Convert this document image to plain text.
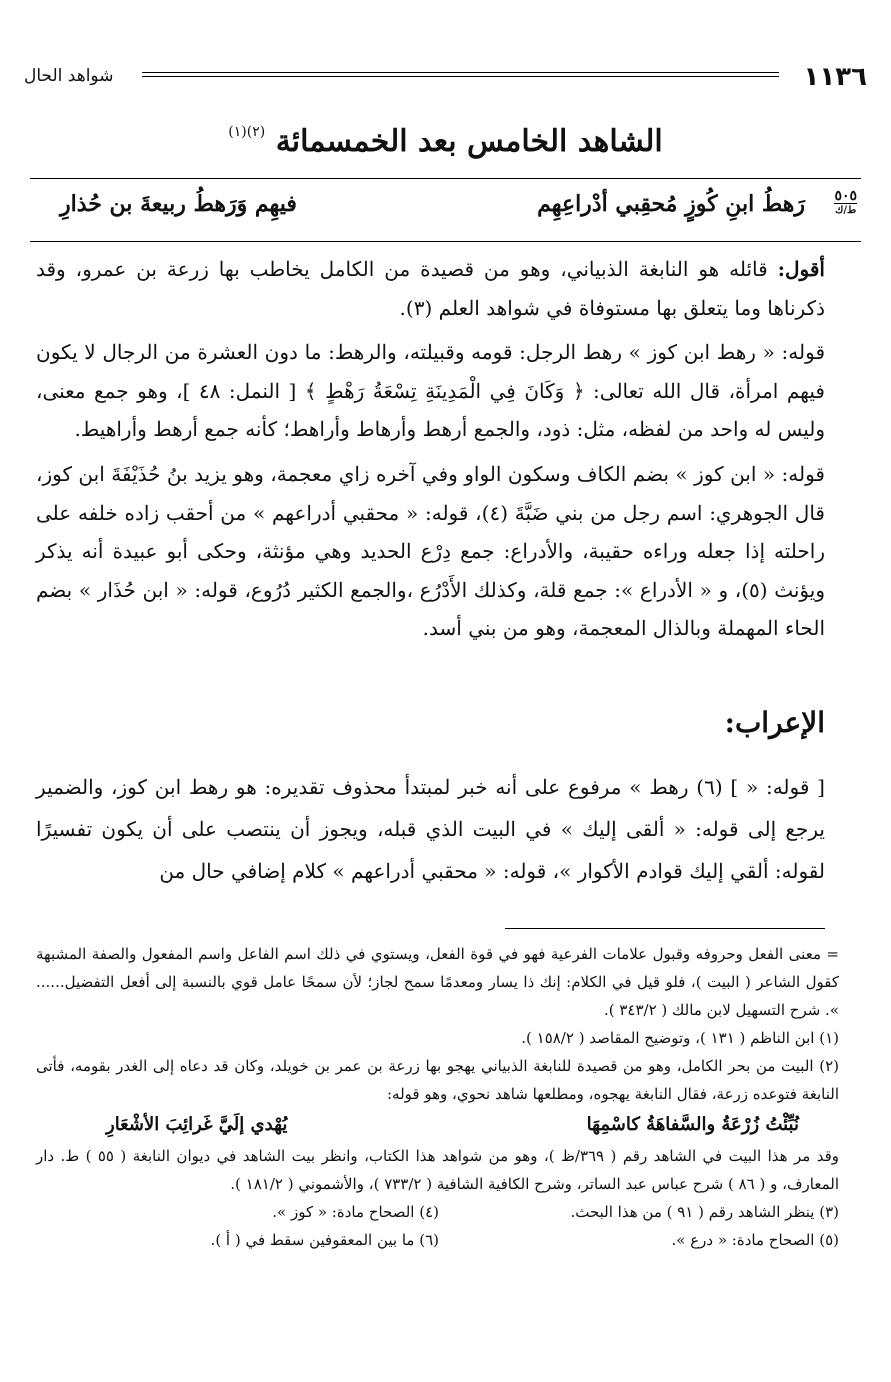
١١٣٦
شواهد الحال
الشاهد الخامس بعد الخمسمائة $^{(٢)(١)}$
٥٠٥
ط/ك
رَهطُ ابنِ كُوزٍ مُحقِبي أدْراعِهِم
فيهِم وَرَهطُ ربيعةَ بن حُذارِ

أقول: قائله هو النابغة الذبياني، وهو من قصيدة من الكامل يخاطب بها زرعة بن عمرو، وقد ذكرناها وما يتعلق بها مستوفاة في شواهد العلم (٣).

قوله: « رهط ابن كوز » رهط الرجل: قومه وقبيلته، والرهط: ما دون العشرة من الرجال لا يكون فيهم امرأة، قال الله تعالى: ﴿ وَكَانَ فِي الْمَدِينَةِ تِسْعَةُ رَهْطٍ ﴾ [ النمل: ٤٨ ]، وهو جمع معنى، وليس له واحد من لفظه، مثل: ذود، والجمع أرهط وأرهاط وأراهط؛ كأنه جمع أرهط وأراهيط.

قوله: « ابن كوز » بضم الكاف وسكون الواو وفي آخره زاي معجمة، وهو يزيد بنُ حُذَيْفَةَ ابن كوز، قال الجوهري: اسم رجل من بني ضَبَّةَ (٤)، قوله: « محقبي أدراعهم » من أحقب زاده خلفه على راحلته إذا جعله وراءه حقيبة، والأدراع: جمع دِرْع الحديد وهي مؤنثة، وحكى أبو عبيدة أنه يذكر ويؤنث (٥)، و « الأدراع »: جمع قلة، وكذلك الأَدْرُع ،والجمع الكثير دُرُوع، قوله: « ابن حُذَار » بضم الحاء المهملة وبالذال المعجمة، وهو من بني أسد.

الإعراب:
[ قوله: « ] (٦) رهط » مرفوع على أنه خبر لمبتدأ محذوف تقديره: هو رهط ابن كوز، والضمير يرجع إلى قوله: « ألقى إليك » في البيت الذي قبله، ويجوز أن ينتصب على أن يكون تفسيرًا لقوله: ألقي إليك قوادم الأكوار »، قوله: « محقبي أدراعهم » كلام إضافي حال من

= معنى الفعل وحروفه وقبول علامات الفرعية فهو في قوة الفعل، ويستوي في ذلك اسم الفاعل واسم المفعول والصفة المشبهة كقول الشاعر ( البيت )، فلو قيل في الكلام: إنك ذا يسار ومعدمًا سمح لجاز؛ لأن سمحًا عامل قوي بالنسبة إلى أفعل التفضيل...... ». شرح التسهيل لابن مالك ( ٣٤٣/٢ ).

(١) ابن الناظم ( ١٣١ )، وتوضيح المقاصد ( ١٥٨/٢ ).

(٢) البيت من بحر الكامل، وهو من قصيدة للنابغة الذبياني يهجو بها زرعة بن عمر بن خويلد، وكان قد دعاه إلى الغدر بقومه، فأتى النابغة فتوعده زرعة، فقال النابغة يهجوه، ومطلعها شاهد نحوي، وهو قوله:

نُبِّئْتُ زُرْعَةُ والسَّفاهَةُ كاسْمِهَا
يُهْدي إلَيَّ غَرائِبَ الأشْعَارِ

وقد مر هذا البيت في الشاهد رقم ( ٣٦٩/ظ )، وهو من شواهد هذا الكتاب، وانظر بيت الشاهد في ديوان النابغة ( ٥٥ ) ط. دار المعارف، و ( ٨٦ ) شرح عباس عبد الساتر، وشرح الكافية الشافية ( ٧٣٣/٢ )، والأشموني ( ١٨١/٢ ).

(٣) ينظر الشاهد رقم ( ٩١ ) من هذا البحث.
(٤) الصحاح مادة: « كوز ».
(٥) الصحاح مادة: « درع ».
(٦) ما بين المعقوفين سقط في ( أ ).
